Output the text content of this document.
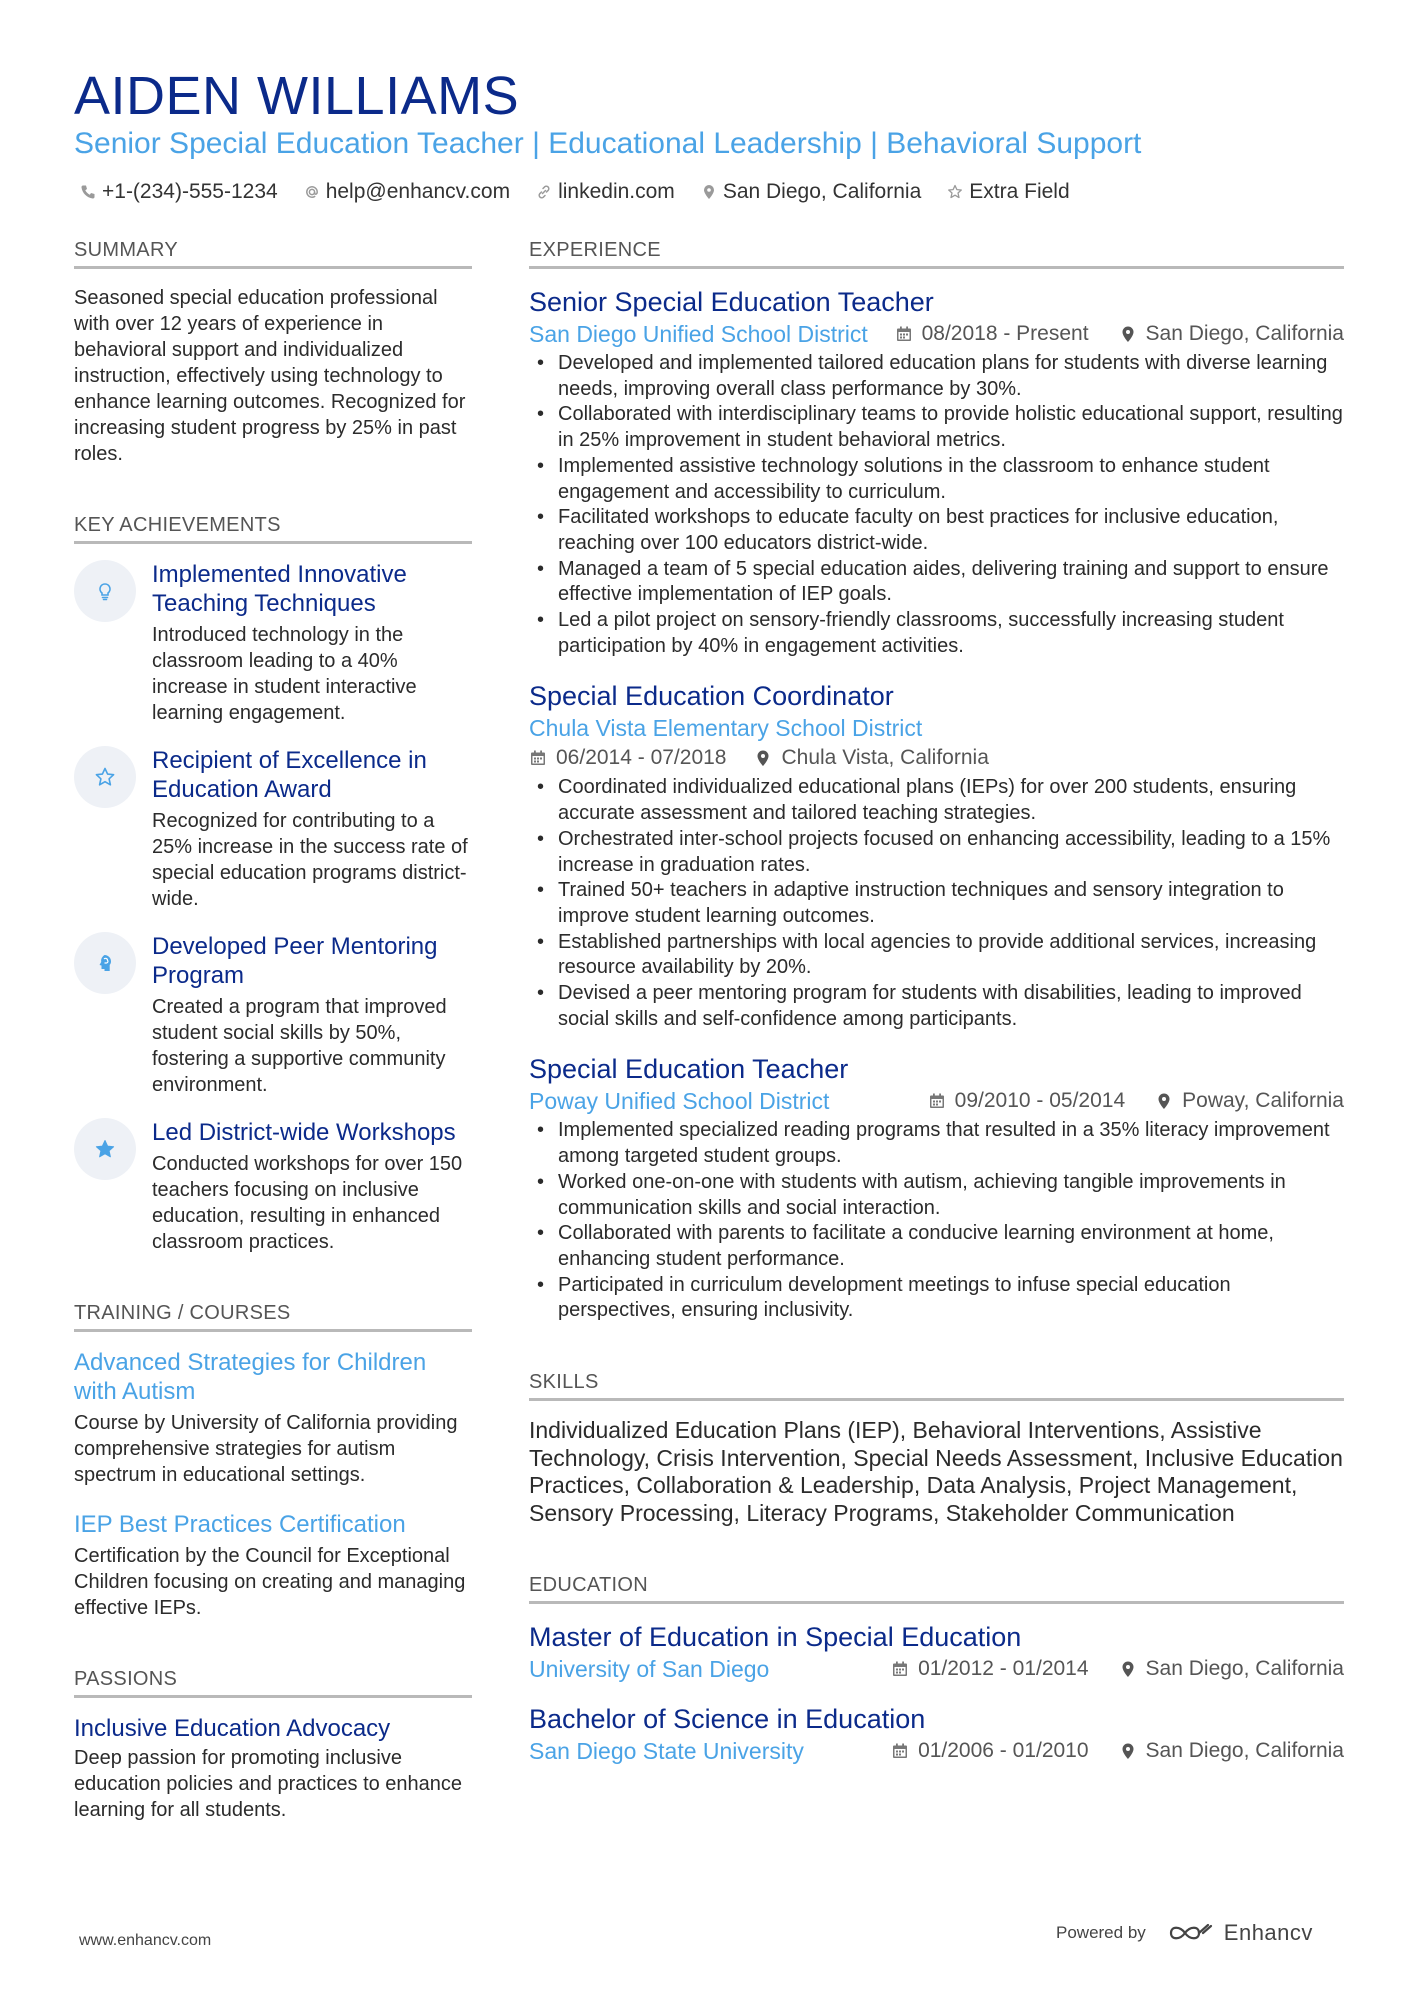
AIDEN WILLIAMS
Senior Special Education Teacher | Educational Leadership | Behavioral Support
+1-(234)-555-1234 help@enhancv.com linkedin.com San Diego, California Extra Field
SUMMARY
Seasoned special education professional with over 12 years of experience in behavioral support and individualized instruction, effectively using technology to enhance learning outcomes. Recognized for increasing student progress by 25% in past roles.
KEY ACHIEVEMENTS
Implemented Innovative Teaching Techniques
Introduced technology in the classroom leading to a 40% increase in student interactive learning engagement.
Recipient of Excellence in Education Award
Recognized for contributing to a 25% increase in the success rate of special education programs district-wide.
Developed Peer Mentoring Program
Created a program that improved student social skills by 50%, fostering a supportive community environment.
Led District-wide Workshops
Conducted workshops for over 150 teachers focusing on inclusive education, resulting in enhanced classroom practices.
TRAINING / COURSES
Advanced Strategies for Children with Autism
Course by University of California providing comprehensive strategies for autism spectrum in educational settings.
IEP Best Practices Certification
Certification by the Council for Exceptional Children focusing on creating and managing effective IEPs.
PASSIONS
Inclusive Education Advocacy
Deep passion for promoting inclusive education policies and practices to enhance learning for all students.
EXPERIENCE
Senior Special Education Teacher
San Diego Unified School District	08/2018 - Present	San Diego, California
• Developed and implemented tailored education plans for students with diverse learning needs, improving overall class performance by 30%.
• Collaborated with interdisciplinary teams to provide holistic educational support, resulting in 25% improvement in student behavioral metrics.
• Implemented assistive technology solutions in the classroom to enhance student engagement and accessibility to curriculum.
• Facilitated workshops to educate faculty on best practices for inclusive education, reaching over 100 educators district-wide.
• Managed a team of 5 special education aides, delivering training and support to ensure effective implementation of IEP goals.
• Led a pilot project on sensory-friendly classrooms, successfully increasing student participation by 40% in engagement activities.
Special Education Coordinator
Chula Vista Elementary School District
06/2014 - 07/2018	Chula Vista, California
• Coordinated individualized educational plans (IEPs) for over 200 students, ensuring accurate assessment and tailored teaching strategies.
• Orchestrated inter-school projects focused on enhancing accessibility, leading to a 15% increase in graduation rates.
• Trained 50+ teachers in adaptive instruction techniques and sensory integration to improve student learning outcomes.
• Established partnerships with local agencies to provide additional services, increasing resource availability by 20%.
• Devised a peer mentoring program for students with disabilities, leading to improved social skills and self-confidence among participants.
Special Education Teacher
Poway Unified School District	09/2010 - 05/2014	Poway, California
• Implemented specialized reading programs that resulted in a 35% literacy improvement among targeted student groups.
• Worked one-on-one with students with autism, achieving tangible improvements in communication skills and social interaction.
• Collaborated with parents to facilitate a conducive learning environment at home, enhancing student performance.
• Participated in curriculum development meetings to infuse special education perspectives, ensuring inclusivity.
SKILLS
Individualized Education Plans (IEP), Behavioral Interventions, Assistive Technology, Crisis Intervention, Special Needs Assessment, Inclusive Education Practices, Collaboration & Leadership, Data Analysis, Project Management, Sensory Processing, Literacy Programs, Stakeholder Communication
EDUCATION
Master of Education in Special Education
University of San Diego	01/2012 - 01/2014	San Diego, California
Bachelor of Science in Education
San Diego State University	01/2006 - 01/2010	San Diego, California
www.enhancv.com	Powered by	Enhancv
